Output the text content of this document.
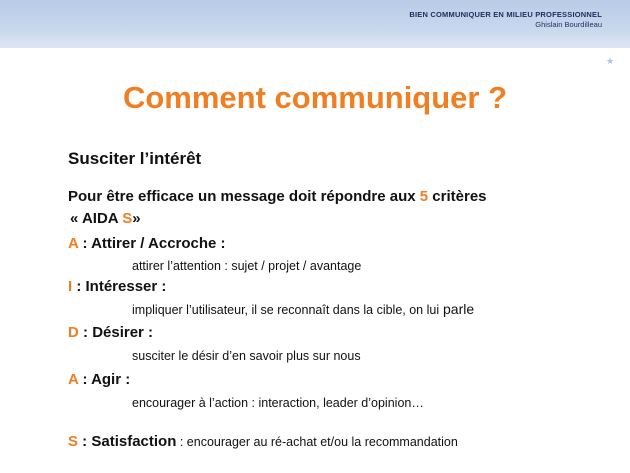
BIEN COMMUNIQUER EN MILIEU PROFESSIONNEL
Ghislain Bourdilleau
★
Comment communiquer ?
Susciter l’intérêt
Pour être efficace un message doit répondre aux 5 critères
« AIDA S»
A : Attirer / Accroche :
attirer l’attention : sujet / projet / avantage
I : Intéresser :
impliquer l’utilisateur, il se reconnaît dans la cible, on lui parle
D : Désirer :
susciter le désir d’en savoir plus sur nous
A : Agir :
encourager à l’action : interaction, leader d’opinion…
S : Satisfaction : encourager au ré-achat et/ou la recommandation
